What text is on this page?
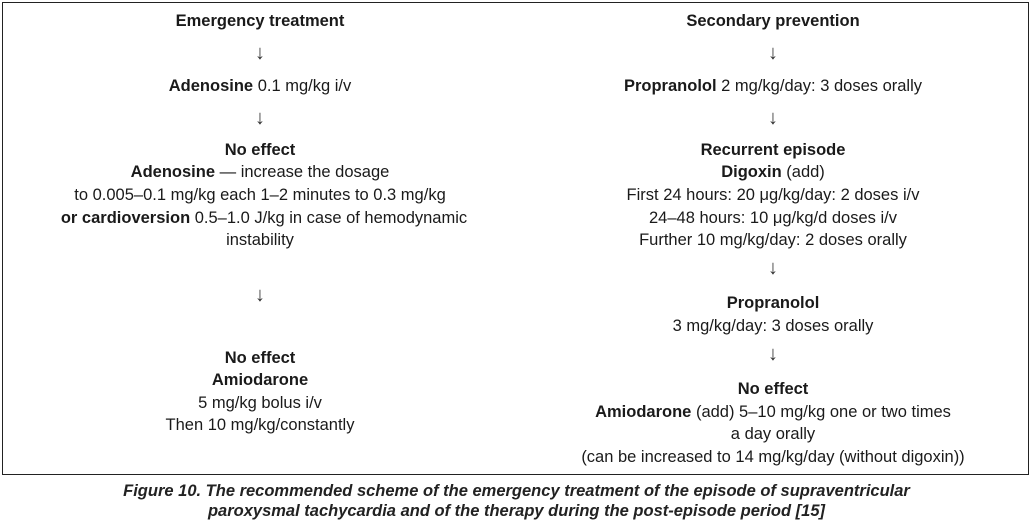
Emergency treatment
↓
Adenosine 0.1 mg/kg i/v
↓
No effect
Adenosine — increase the dosage
to 0.005–0.1 mg/kg each 1–2 minutes to 0.3 mg/kg
or cardioversion 0.5–1.0 J/kg in case of hemodynamic
instability
↓
No effect
Amiodarone
5 mg/kg bolus i/v
Then 10 mg/kg/constantly
Secondary prevention
↓
Propranolol 2 mg/kg/day: 3 doses orally
↓
Recurrent episode
Digoxin (add)
First 24 hours: 20 μg/kg/day: 2 doses i/v
24–48 hours: 10 μg/kg/d doses i/v
Further 10 mg/kg/day: 2 doses orally
↓
Propranolol
3 mg/kg/day: 3 doses orally
↓
No effect
Amiodarone (add) 5–10 mg/kg one or two times
a day orally
(can be increased to 14 mg/kg/day (without digoxin))
Figure 10. The recommended scheme of the emergency treatment of the episode of supraventricular
paroxysmal tachycardia and of the therapy during the post-episode period [15]
